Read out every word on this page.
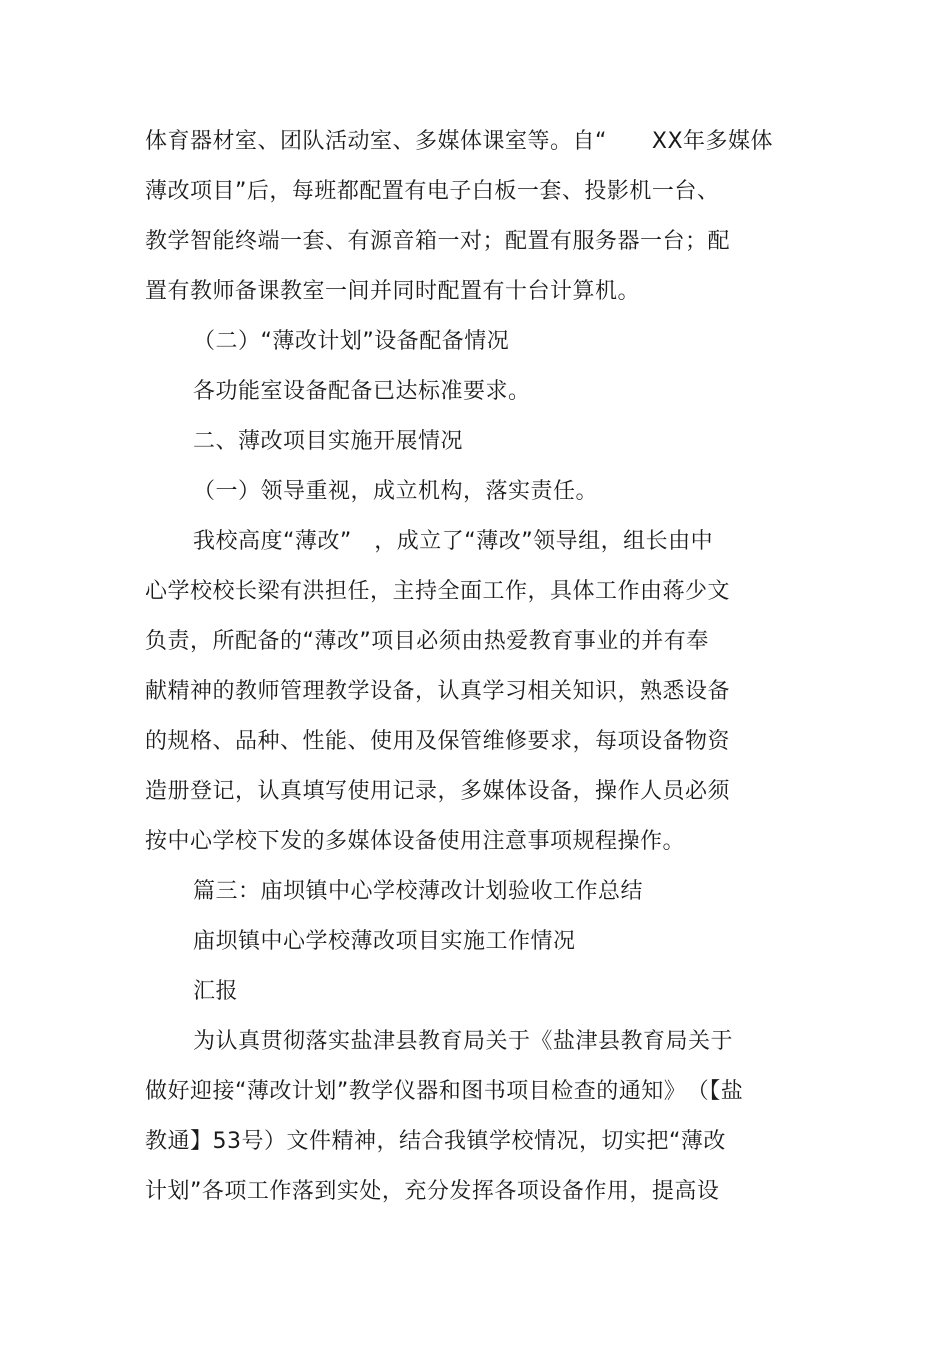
体育器材室、团队活动室、多媒体课室等。自“　　XX年多媒体
薄改项目”后，每班都配置有电子白板一套、投影机一台、
教学智能终端一套、有源音箱一对；配置有服务器一台；配
置有教师备课教室一间并同时配置有十台计算机。
（二）“薄改计划”设备配备情况
各功能室设备配备已达标准要求。
二、薄改项目实施开展情况
（一）领导重视，成立机构，落实责任。
我校高度“薄改”　，成立了“薄改”领导组，组长由中
心学校校长梁有洪担任，主持全面工作，具体工作由蒋少文
负责，所配备的“薄改”项目必须由热爱教育事业的并有奉
献精神的教师管理教学设备，认真学习相关知识，熟悉设备
的规格、品种、性能、使用及保管维修要求，每项设备物资
造册登记，认真填写使用记录，多媒体设备，操作人员必须
按中心学校下发的多媒体设备使用注意事项规程操作。
篇三：庙坝镇中心学校薄改计划验收工作总结
庙坝镇中心学校薄改项目实施工作情况
汇报
为认真贯彻落实盐津县教育局关于《盐津县教育局关于
做好迎接“薄改计划”教学仪器和图书项目检查的通知》　（【盐
教通】53号）文件精神，结合我镇学校情况，切实把“薄改
计划”各项工作落到实处，充分发挥各项设备作用，提高设
